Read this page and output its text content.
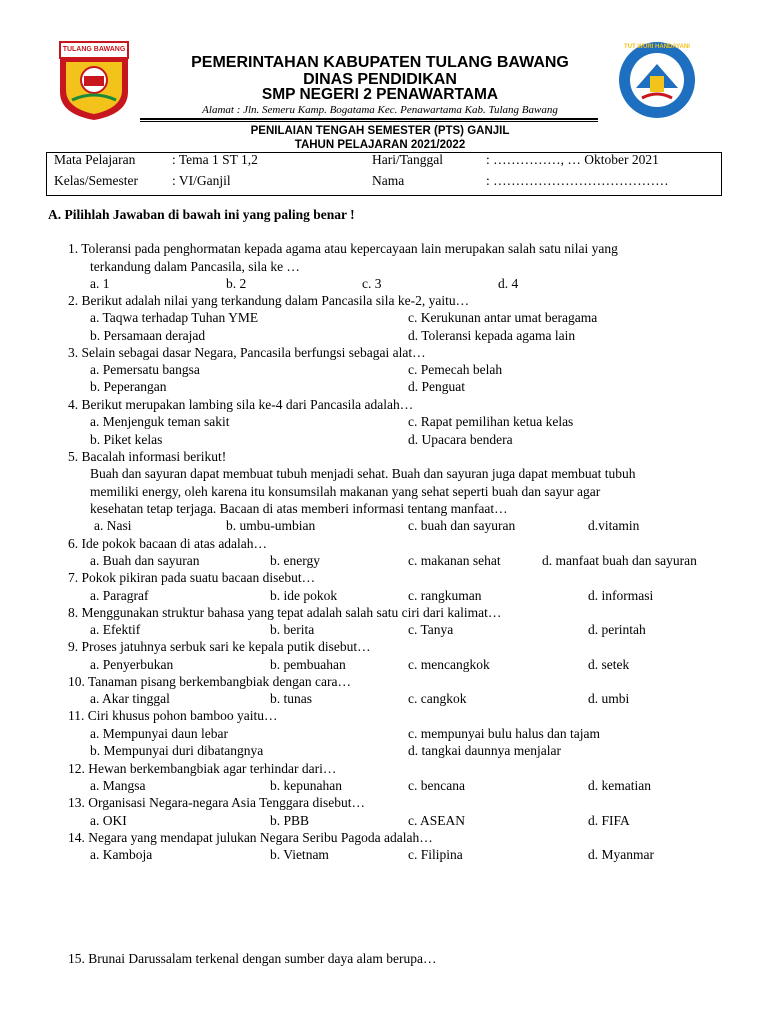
TULANG BAWANG	TUT WURI HANDAYANI
PEMERINTAHAN KABUPATEN TULANG BAWANG
DINAS PENDIDIKAN
SMP NEGERI 2 PENAWARTAMA
Alamat : Jln. Semeru Kamp. Bogatama Kec. Penawartama Kab. Tulang Bawang
PENILAIAN TENGAH SEMESTER (PTS) GANJIL
TAHUN PELAJARAN 2021/2022
Mata Pelajaran	: Tema 1 ST 1,2	Hari/Tanggal	: ……………, … Oktober 2021
Kelas/Semester	: VI/Ganjil	Nama	: …………………………………
A. Pilihlah Jawaban di bawah ini yang paling benar !
1. Toleransi pada penghormatan kepada agama atau kepercayaan lain merupakan salah satu nilai yang
terkandung dalam Pancasila, sila ke …
a. 1	b. 2	c. 3	d. 4
2. Berikut adalah nilai yang terkandung dalam Pancasila sila ke-2, yaitu…
a. Taqwa terhadap Tuhan YME	c. Kerukunan antar umat beragama
b. Persamaan derajad	d. Toleransi kepada agama lain
3. Selain sebagai dasar Negara, Pancasila berfungsi sebagai alat…
a. Pemersatu bangsa	c. Pemecah belah
b. Peperangan	d. Penguat
4. Berikut merupakan lambing sila ke-4 dari Pancasila adalah…
a. Menjenguk teman sakit	c. Rapat pemilihan ketua kelas
b. Piket kelas	d. Upacara bendera
5. Bacalah informasi berikut!
Buah dan sayuran dapat membuat tubuh menjadi sehat. Buah dan sayuran juga dapat membuat tubuh
memiliki energy, oleh karena itu konsumsilah makanan yang sehat seperti buah dan sayur agar
kesehatan tetap terjaga. Bacaan di atas memberi informasi tentang manfaat…
a. Nasi	b. umbu-umbian	c. buah dan sayuran	d.vitamin
6. Ide pokok bacaan di atas adalah…
a. Buah dan sayuran	b. energy	c. makanan sehat	d. manfaat buah dan sayuran
7. Pokok pikiran pada suatu bacaan disebut…
a. Paragraf	b. ide pokok	c. rangkuman	d. informasi
8. Menggunakan struktur bahasa yang tepat adalah salah satu ciri dari kalimat…
a. Efektif	b. berita	c. Tanya	d. perintah
9. Proses jatuhnya serbuk sari ke kepala putik disebut…
a. Penyerbukan	b. pembuahan	c. mencangkok	d. setek
10. Tanaman pisang berkembangbiak dengan cara…
a. Akar tinggal	b. tunas	c. cangkok	d. umbi
11. Ciri khusus pohon bamboo yaitu…
a. Mempunyai daun lebar	c. mempunyai bulu halus dan tajam
b. Mempunyai duri dibatangnya	d. tangkai daunnya menjalar
12. Hewan berkembangbiak agar terhindar dari…
a. Mangsa	b. kepunahan	c. bencana	d. kematian
13. Organisasi Negara-negara Asia Tenggara disebut…
a. OKI	b. PBB	c. ASEAN	d. FIFA
14. Negara yang mendapat julukan Negara Seribu Pagoda adalah…
a. Kamboja	b. Vietnam	c. Filipina	d. Myanmar
15. Brunai Darussalam terkenal dengan sumber daya alam berupa…
